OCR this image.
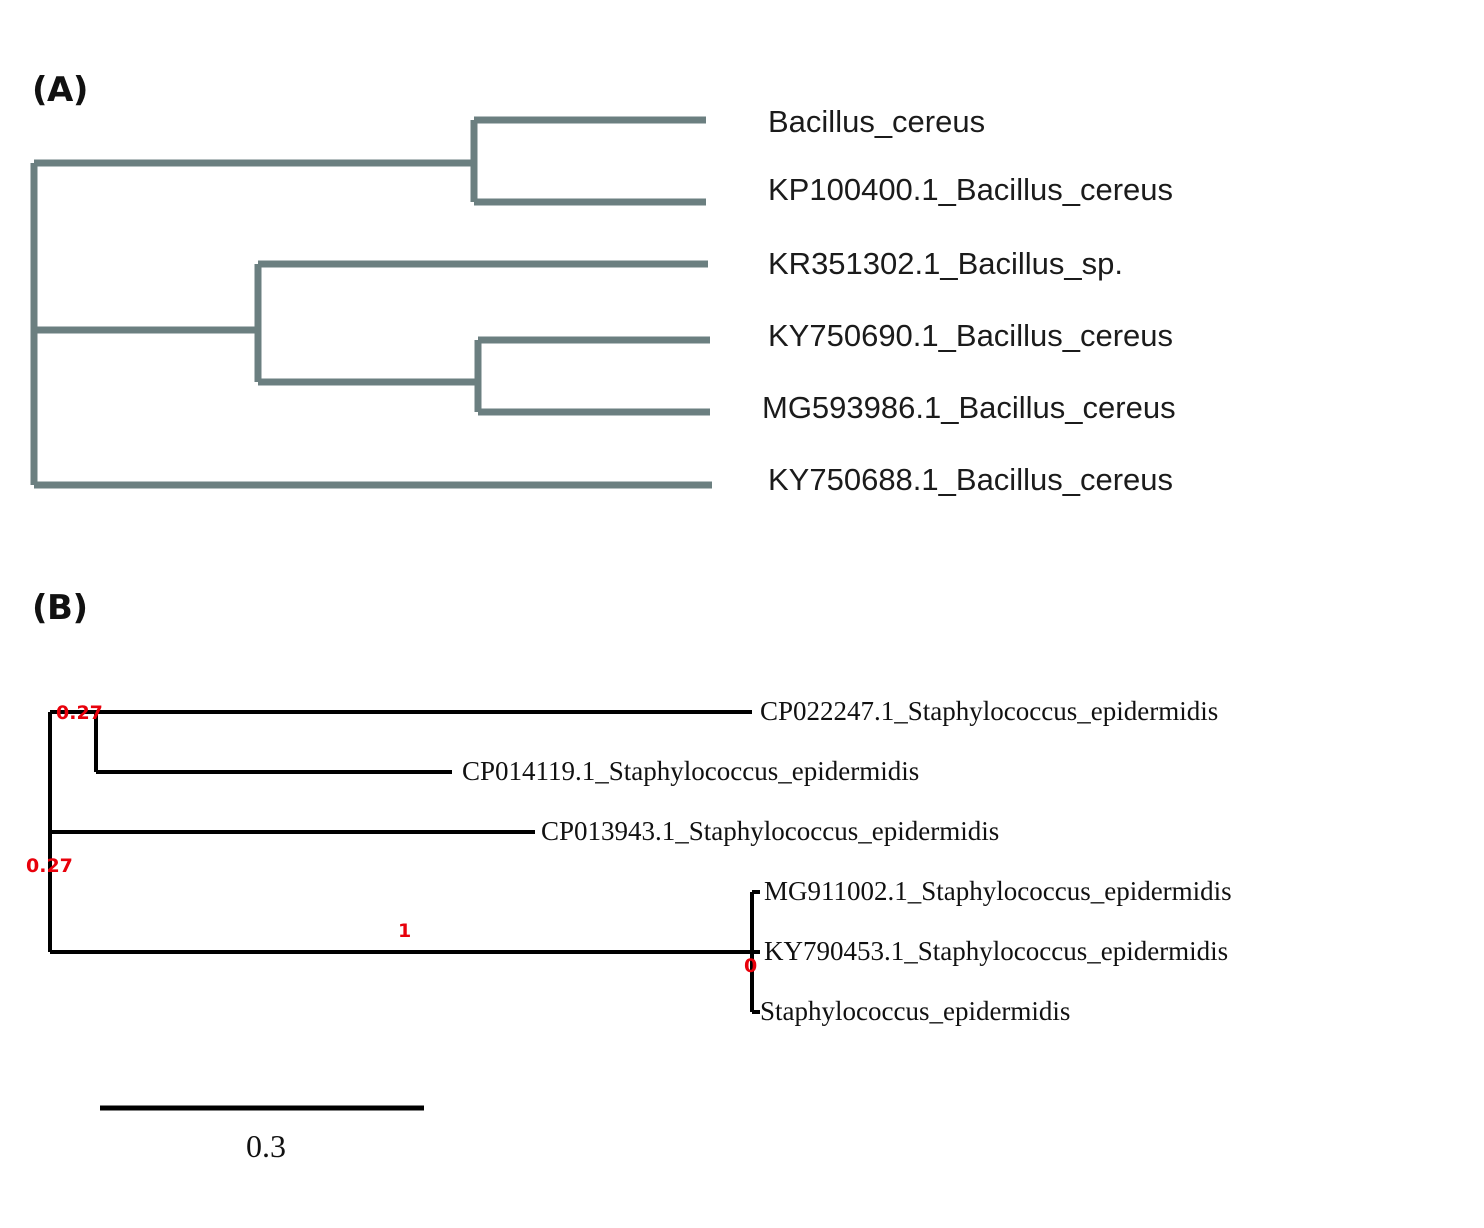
(A)
Bacillus_cereus
KP100400.1_Bacillus_cereus
KR351302.1_Bacillus_sp.
KY750690.1_Bacillus_cereus
MG593986.1_Bacillus_cereus
KY750688.1_Bacillus_cereus
(B)
0.27
0.27
1
0
CP022247.1_Staphylococcus_epidermidis
CP014119.1_Staphylococcus_epidermidis
CP013943.1_Staphylococcus_epidermidis
MG911002.1_Staphylococcus_epidermidis
KY790453.1_Staphylococcus_epidermidis
Staphylococcus_epidermidis
0.3
